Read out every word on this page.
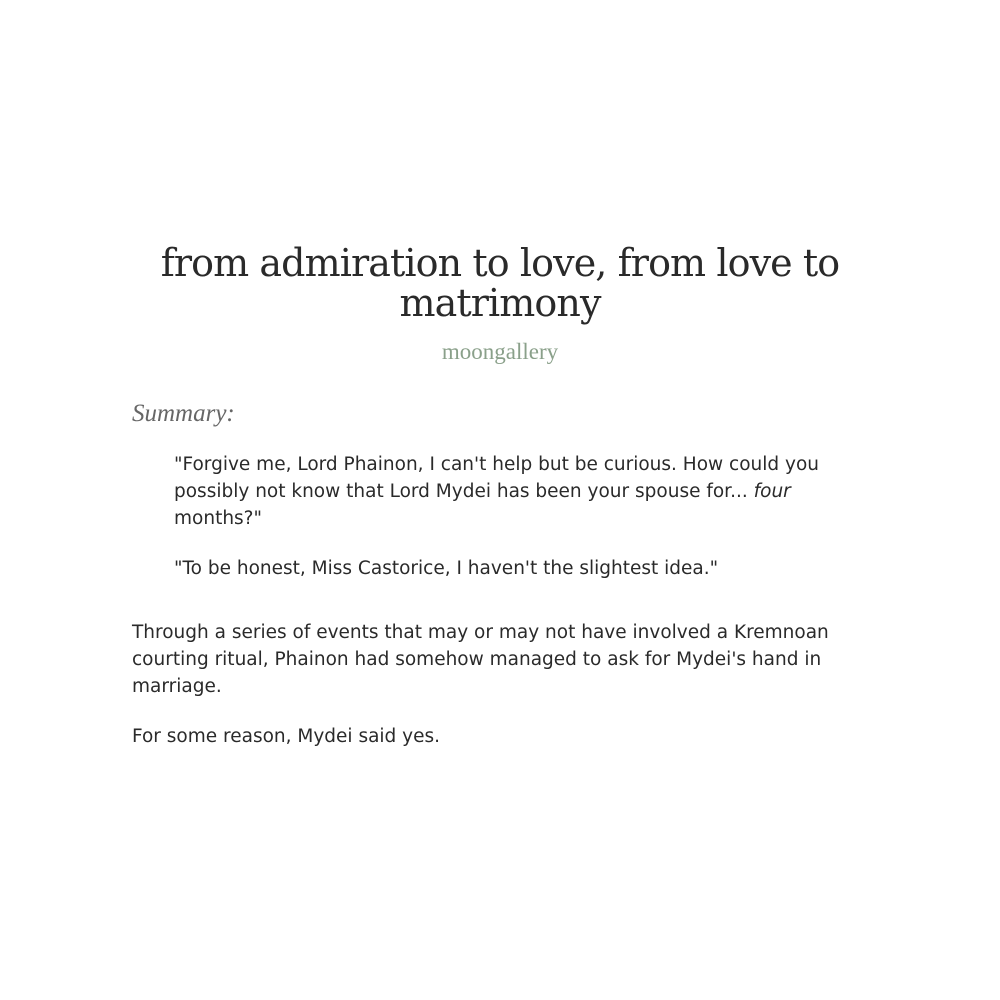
from admiration to love, from love to matrimony
moongallery
Summary:

"Forgive me, Lord Phainon, I can't help but be curious. How could you possibly not know that Lord Mydei has been your spouse for... four months?"

"To be honest, Miss Castorice, I haven't the slightest idea."

Through a series of events that may or may not have involved a Kremnoan courting ritual, Phainon had somehow managed to ask for Mydei's hand in marriage.

For some reason, Mydei said yes.
